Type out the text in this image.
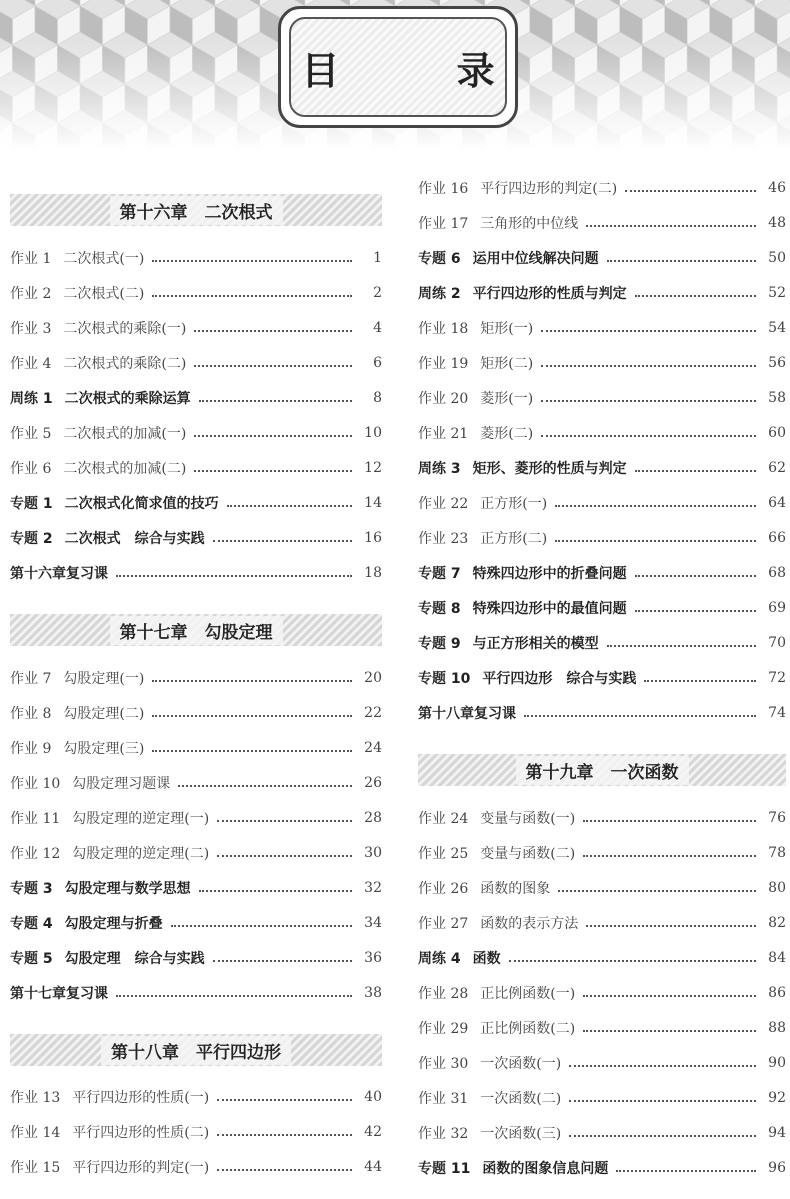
目 录
第十六章　二次根式
作业 1 二次根式(一)	1
作业 2 二次根式(二)	2
作业 3 二次根式的乘除(一)	4
作业 4 二次根式的乘除(二)	6
周练 1 二次根式的乘除运算	8
作业 5 二次根式的加减(一)	10
作业 6 二次根式的加减(二)	12
专题 1 二次根式化简求值的技巧	14
专题 2 二次根式　综合与实践	16
第十六章复习课	18
第十七章　勾股定理
作业 7 勾股定理(一)	20
作业 8 勾股定理(二)	22
作业 9 勾股定理(三)	24
作业 10 勾股定理习题课	26
作业 11 勾股定理的逆定理(一)	28
作业 12 勾股定理的逆定理(二)	30
专题 3 勾股定理与数学思想	32
专题 4 勾股定理与折叠	34
专题 5 勾股定理　综合与实践	36
第十七章复习课	38
第十八章　平行四边形
作业 13 平行四边形的性质(一)	40
作业 14 平行四边形的性质(二)	42
作业 15 平行四边形的判定(一)	44
作业 16 平行四边形的判定(二)	46
作业 17 三角形的中位线	48
专题 6 运用中位线解决问题	50
周练 2 平行四边形的性质与判定	52
作业 18 矩形(一)	54
作业 19 矩形(二)	56
作业 20 菱形(一)	58
作业 21 菱形(二)	60
周练 3 矩形、菱形的性质与判定	62
作业 22 正方形(一)	64
作业 23 正方形(二)	66
专题 7 特殊四边形中的折叠问题	68
专题 8 特殊四边形中的最值问题	69
专题 9 与正方形相关的模型	70
专题 10 平行四边形　综合与实践	72
第十八章复习课	74
第十九章　一次函数
作业 24 变量与函数(一)	76
作业 25 变量与函数(二)	78
作业 26 函数的图象	80
作业 27 函数的表示方法	82
周练 4 函数	84
作业 28 正比例函数(一)	86
作业 29 正比例函数(二)	88
作业 30 一次函数(一)	90
作业 31 一次函数(二)	92
作业 32 一次函数(三)	94
专题 11 函数的图象信息问题	96
